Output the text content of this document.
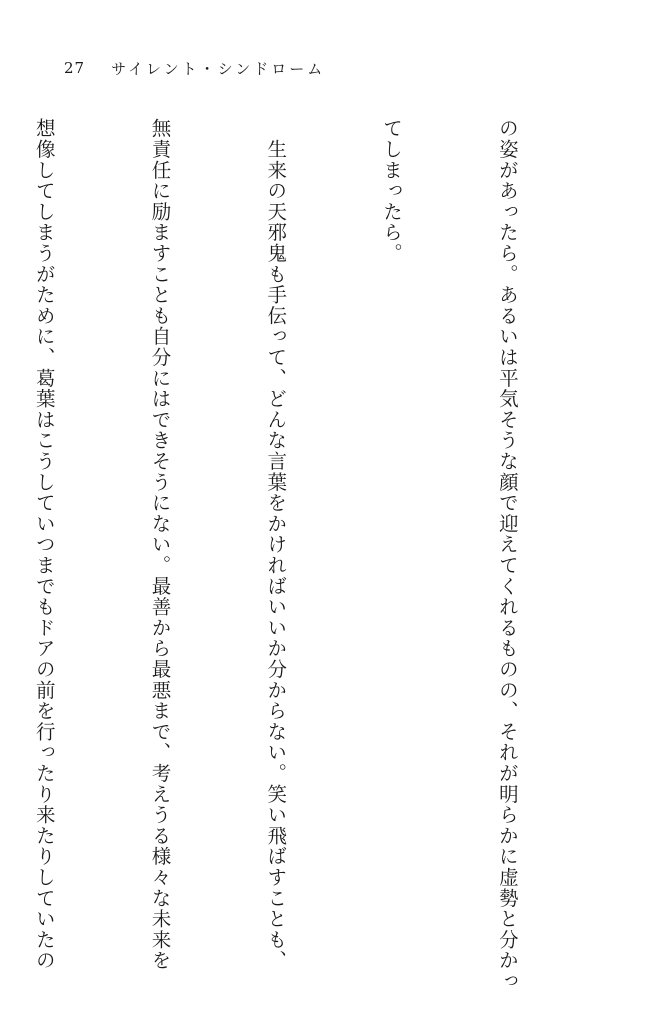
27 サイレント・シンドローム

の姿があったら。あるいは平気そうな顔で迎えてくれるものの、それが明らかに虚勢と分かっ

てしまったら。

　生来の天邪鬼も手伝って、どんな言葉をかければいいか分からない。笑い飛ばすことも、

無責任に励ますことも自分にはできそうにない。最善から最悪まで、考えうる様々な未来を

想像してしまうがために、葛葉はこうしていつまでもドアの前を行ったり来たりしていたの
